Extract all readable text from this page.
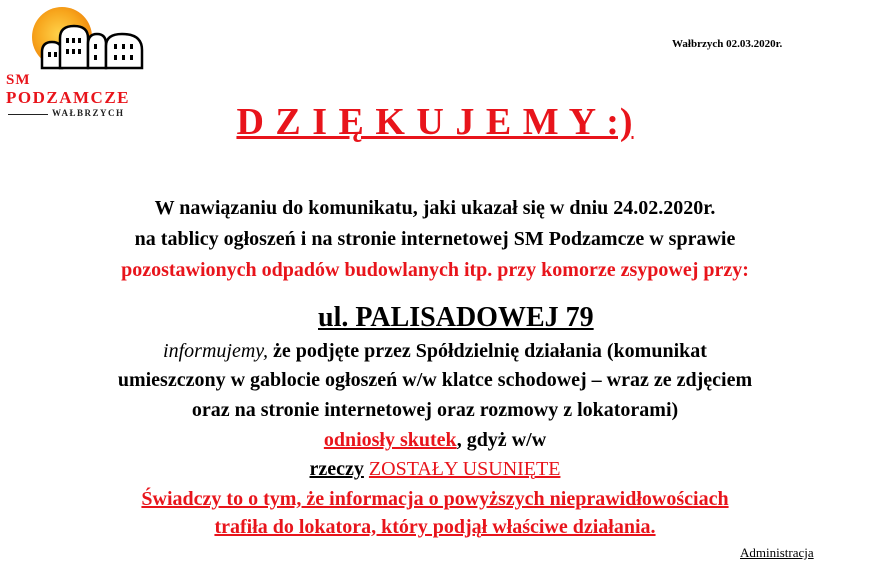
SM
PODZAMCZE
WAŁBRZYCH
Wałbrzych 02.03.2020r.
D Z I Ę K U J E M Y :)
W nawiązaniu do komunikatu, jaki ukazał się w dniu 24.02.2020r.
na tablicy ogłoszeń i na stronie internetowej SM Podzamcze w sprawie
pozostawionych odpadów budowlanych itp. przy komorze zsypowej przy:
ul. PALISADOWEJ 79
informujemy, że podjęte przez Spółdzielnię działania (komunikat
umieszczony w gablocie ogłoszeń w/w klatce schodowej – wraz ze zdjęciem
oraz na stronie internetowej oraz rozmowy z lokatorami)
odniosły skutek, gdyż w/w
rzeczy ZOSTAŁY USUNIĘTE
Świadczy to o tym, że informacja o powyższych nieprawidłowościach
trafiła do lokatora, który podjął właściwe działania.
Administracja
